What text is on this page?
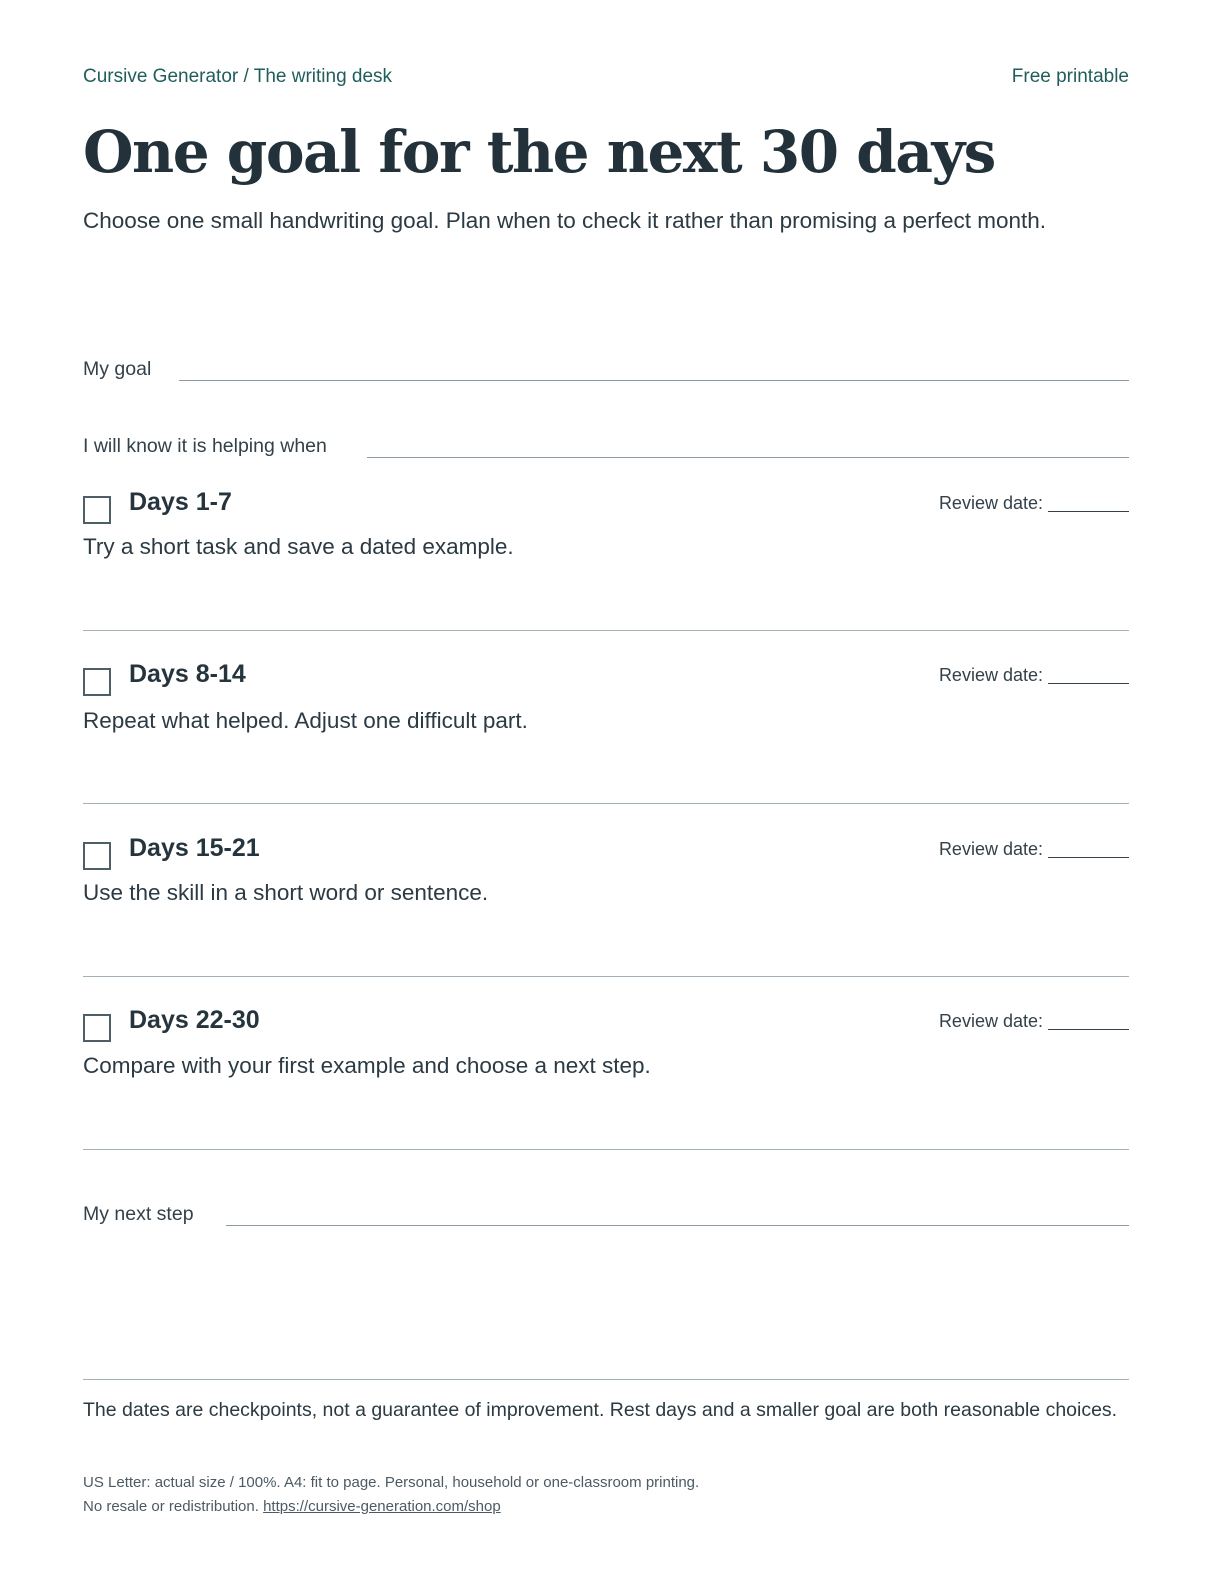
Cursive Generator / The writing desk	Free printable
One goal for the next 30 days
Choose one small handwriting goal. Plan when to check it rather than promising a perfect month.
My goal
I will know it is helping when
Days 1-7	Review date:
Try a short task and save a dated example.
Days 8-14	Review date:
Repeat what helped. Adjust one difficult part.
Days 15-21	Review date:
Use the skill in a short word or sentence.
Days 22-30	Review date:
Compare with your first example and choose a next step.
My next step
The dates are checkpoints, not a guarantee of improvement. Rest days and a smaller goal are both reasonable choices.
US Letter: actual size / 100%. A4: fit to page. Personal, household or one-classroom printing.
No resale or redistribution. https://cursive-generation.com/shop
